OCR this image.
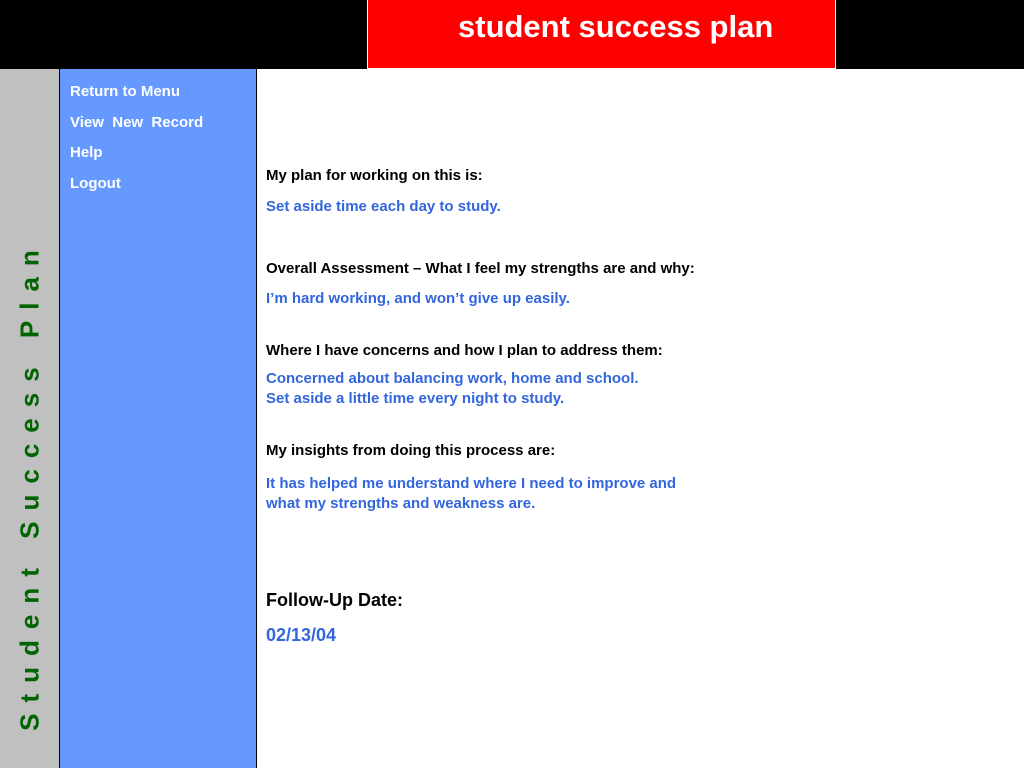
student success plan
Student Success Plan
Return to Menu
View  New  Record
Help
Logout	My plan for working on this is:
Set aside time each day to study.
Overall Assessment – What I feel my strengths are and why:
I’m hard working, and won’t give up easily.
Where I have concerns and how I plan to address them:
Concerned about balancing work, home and school.
Set aside a little time every night to study.
My insights from doing this process are:
It has helped me understand where I need to improve and
what my strengths and weakness are.
Follow-Up Date:
02/13/04
